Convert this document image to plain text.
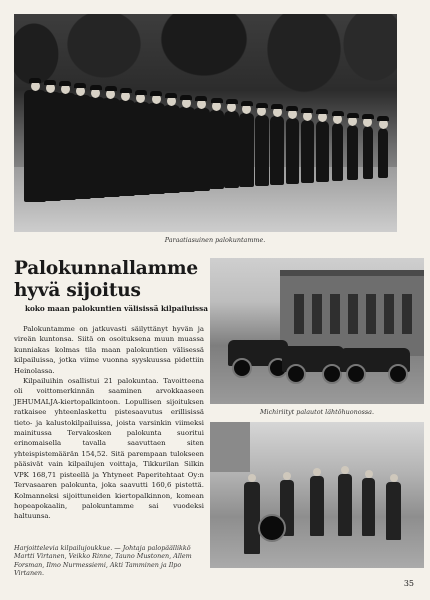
Paraatiasuinen palokuntamme.
Palokunnallamme hyvä sijoitus
koko maan palokuntien välisissä kilpailuissa

Palokuntamme on jatkuvasti säilyttänyt hyvän ja vireän kuntonsa. Siitä on osoituksena muun muassa kunniakas kolmas tila maan palokuntien välisessä kilpailuissa, jotka viime vuonna syyskuussa pidettiin Heinolassa.

Kilpailuihin osallistui 21 palokuntaa. Tavoitteena oli voittomerkinnän saaminen arvokkaaseen JEHUMALJA-kiertopalkintoon. Lopullisen sijoituksen ratkaisee yhteenlaskettu pistesaavutus erillisissä tieto- ja kalustokilpailuissa, joista varsinkin viimeksi mainitussa Tervakosken palokunta suoritui erinomaisella tavalla saavuttaen siten yhteispistemäärän 154,52. Sitä parempaan tulokseen pääsivät vain kilpailujen voittaja, Tikkurilan Silkin VPK 168,71 pisteellä ja Yhtyneet Paperitehtaat Oy:n Tervasaaren palokunta, joka saavutti 160,6 pistettä. Kolmanneksi sijoittuneiden kiertopalkinnon, komean hopeapokaalin, palokuntamme sai vuodeksi haltuunsa.

Michiriityt palautot lähtöhuonossa.
Harjoittelevia kilpailujoukkue. — Johtaja palopäällikkö Martti Virtanen, Veikko Rinne, Tauno Mustonen, Allem Forsman, Ilmo Nurmessiemi, Akti Tamminen ja Ilpo Virtanen.
35
